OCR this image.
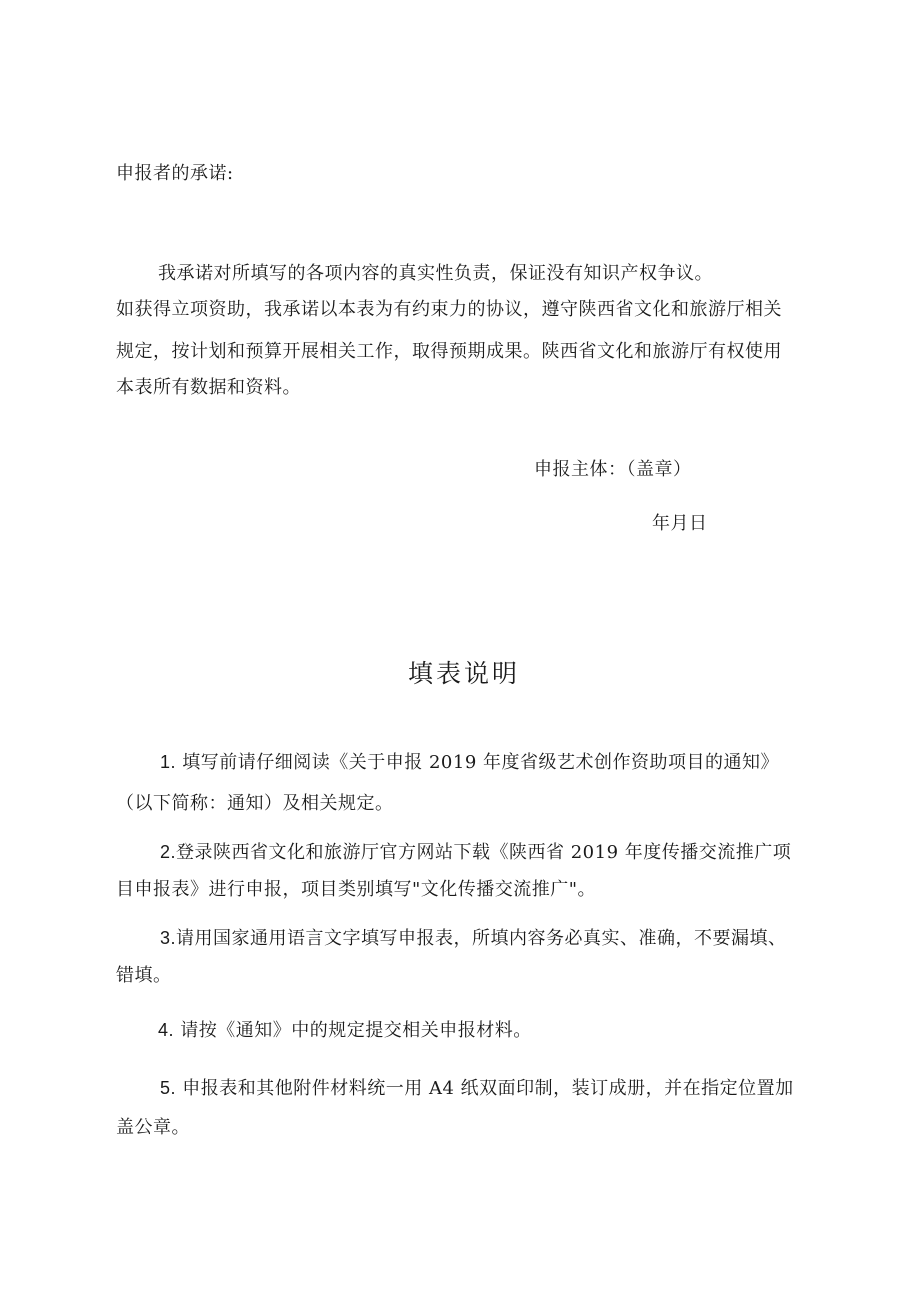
申报者的承诺:
我承诺对所填写的各项内容的真实性负责，保证没有知识产权争议。
如获得立项资助，我承诺以本表为有约束力的协议，遵守陕西省文化和旅游厅相关
规定，按计划和预算开展相关工作，取得预期成果。陕西省文化和旅游厅有权使用
本表所有数据和资料。
申报主体：（盖章）
年月日
填表说明
1. 填写前请仔细阅读《关于申报 2019 年度省级艺术创作资助项目的通知》
（以下简称：通知）及相关规定。
2.登录陕西省文化和旅游厅官方网站下载《陕西省 2019 年度传播交流推广项
目申报表》进行申报，项目类别填写"文化传播交流推广"。
3.请用国家通用语言文字填写申报表，所填内容务必真实、准确，不要漏填、
错填。
4. 请按《通知》中的规定提交相关申报材料。
5. 申报表和其他附件材料统一用 A4 纸双面印制，装订成册，并在指定位置加
盖公章。
